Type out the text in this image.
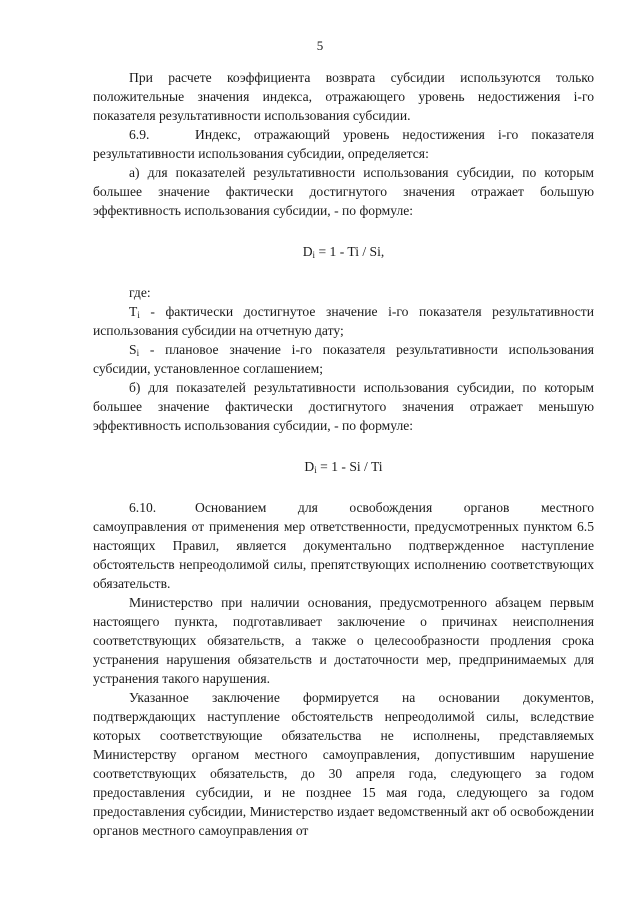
5

При расчете коэффициента возврата субсидии используются только положительные значения индекса, отражающего уровень недостижения i-го показателя результативности использования субсидии.

6.9.	Индекс, отражающий уровень недостижения i-го показателя

результативности использования субсидии, определяется:

а) для показателей результативности использования субсидии, по которым большее значение фактически достигнутого значения отражает большую эффективность использования субсидии, - по формуле:

$D_i = 1 - Ti / Si$,

где:

$T_i$ - фактически достигнутое значение i-го показателя результативности использования субсидии на отчетную дату;

$S_i$ - плановое значение i-го показателя результативности использования субсидии, установленное соглашением;

б) для показателей результативности использования субсидии, по которым большее значение фактически достигнутого значения отражает меньшую эффективность использования субсидии, - по формуле:

$D_i = 1 - Si / Ti$

6.10.	Основанием для освобождения органов местного

самоуправления от применения мер ответственности, предусмотренных пунктом 6.5 настоящих Правил, является документально подтвержденное наступление обстоятельств непреодолимой силы, препятствующих исполнению соответствующих обязательств.

Министерство при наличии основания, предусмотренного абзацем первым настоящего пункта, подготавливает заключение о причинах неисполнения соответствующих обязательств, а также о целесообразности продления срока устранения нарушения обязательств и достаточности мер, предпринимаемых для устранения такого нарушения.

Указанное заключение формируется на основании документов, подтверждающих наступление обстоятельств непреодолимой силы, вследствие которых соответствующие обязательства не исполнены, представляемых Министерству органом местного самоуправления, допустившим нарушение соответствующих обязательств, до 30 апреля года, следующего за годом предоставления субсидии, и не позднее 15 мая года, следующего за годом предоставления субсидии, Министерство издает ведомственный акт об освобождении органов местного самоуправления от
